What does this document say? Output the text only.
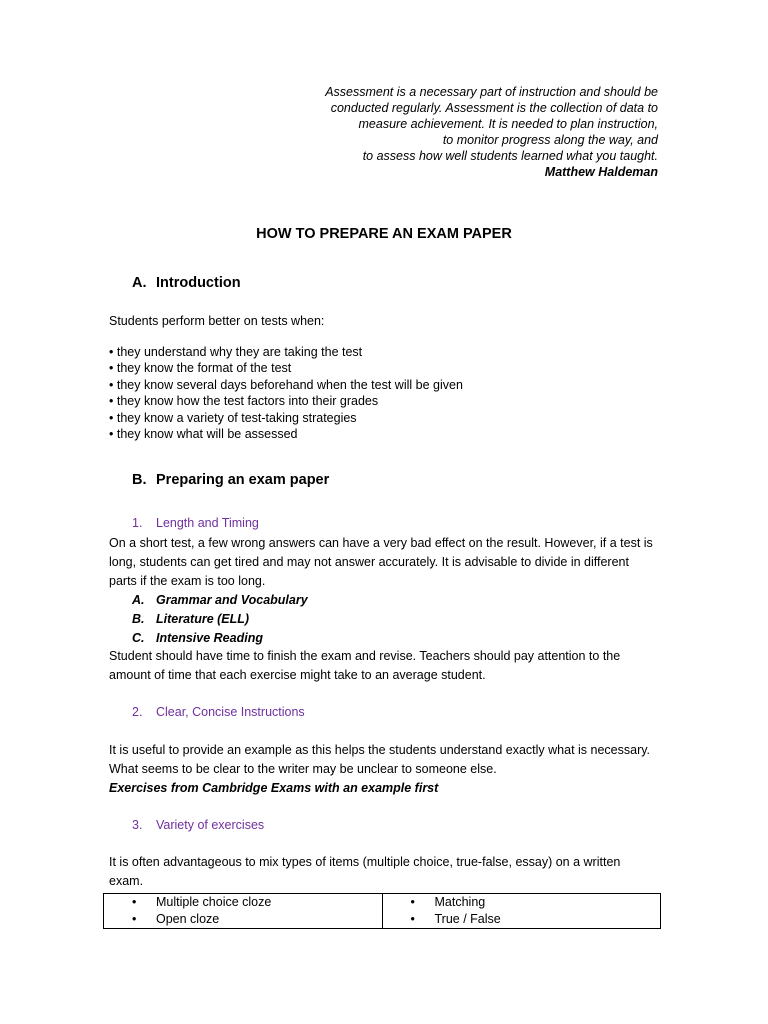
Assessment is a necessary part of instruction and should be
conducted regularly. Assessment is the collection of data to
measure achievement. It is needed to plan instruction,
to monitor progress along the way, and
to assess how well students learned what you taught.
Matthew Haldeman
HOW TO PREPARE AN EXAM PAPER
A. Introduction
Students perform better on tests when:
• they understand why they are taking the test
• they know the format of the test
• they know several days beforehand when the test will be given
• they know how the test factors into their grades
• they know a variety of test-taking strategies
• they know what will be assessed
B. Preparing an exam paper
1. Length and Timing
On a short test, a few wrong answers can have a very bad effect on the result. However, if a test is long, students can get tired and may not answer accurately. It is advisable to divide in different parts if the exam is too long.
A. Grammar and Vocabulary
B. Literature (ELL)
C. Intensive Reading
Student should have time to finish the exam and revise. Teachers should pay attention to the amount of time that each exercise might take to an average student.
2. Clear, Concise Instructions
It is useful to provide an example as this helps the students understand exactly what is necessary. What seems to be clear to the writer may be unclear to someone else.
Exercises from Cambridge Exams with an example first
3. Variety of exercises
It is often advantageous to mix types of items (multiple choice, true-false, essay) on a written exam.
• Multiple choice cloze
• Open cloze

• Matching
• True / False
